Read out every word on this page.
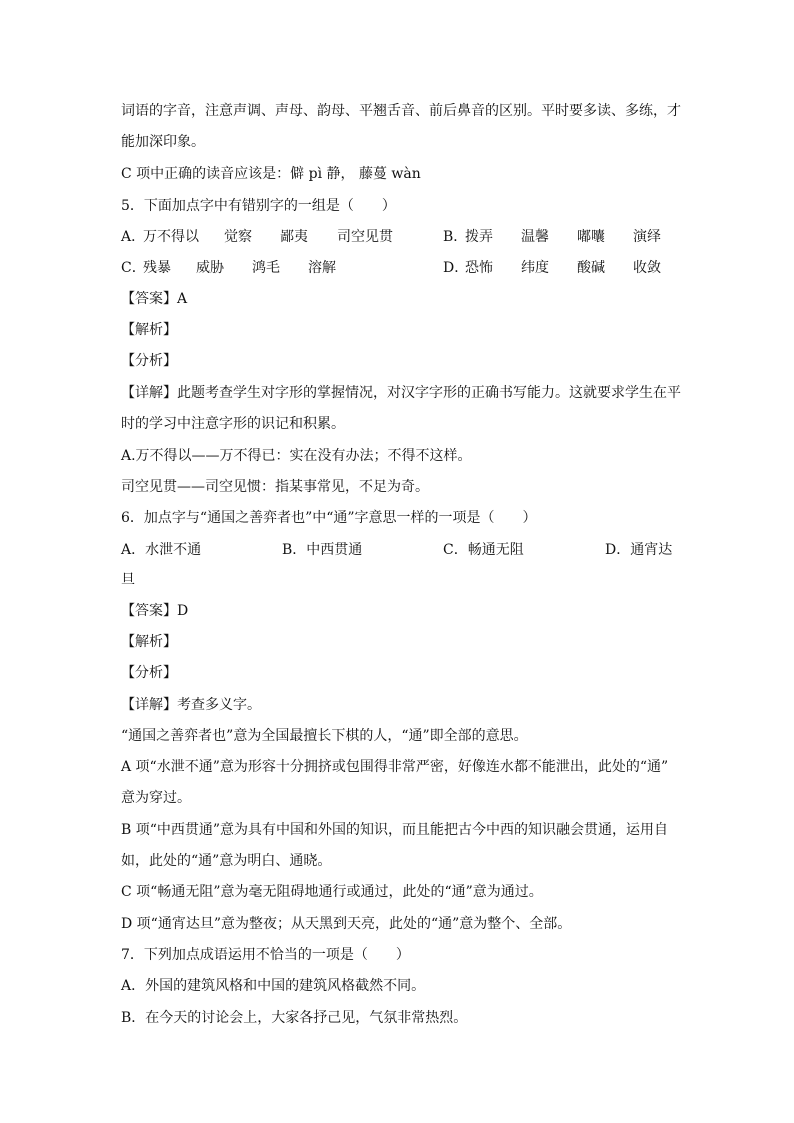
词语的字音，注意声调、声母、韵母、平翘舌音、前后鼻音的区别。平时要多读、多练，才
能加深印象。
C 项中正确的读音应该是：僻 pì 静， 藤蔓 wàn
5．下面加点字中有错别字的一组是（　　）
A．
万不得以 觉察 鄙夷 司空见贯	B．
拨弄 温馨 嘟囔 演绎
C．
残暴 威胁 鸿毛 溶解	D．
恐怖 纬度 酸碱 收敛
【答案】A
【解析】
【分析】
【详解】此题考查学生对字形的掌握情况，对汉字字形的正确书写能力。这就要求学生在平
时的学习中注意字形的识记和积累。
A.万不得以——万不得已：实在没有办法；不得不这样。
司空见贯——司空见惯：指某事常见，不足为奇。
6．加点字与“通国之善弈者也”中“通”字意思一样的一项是（　　）
A．水泄不通	B．中西贯通	C．畅通无阻	D．通宵达
旦
【答案】D
【解析】
【分析】
【详解】考查多义字。
“通国之善弈者也”意为全国最擅长下棋的人，“通”即全部的意思。
A 项“水泄不通”意为形容十分拥挤或包围得非常严密，好像连水都不能泄出，此处的“通”
意为穿过。
B 项“中西贯通”意为具有中国和外国的知识，而且能把古今中西的知识融会贯通，运用自
如，此处的“通”意为明白、通晓。
C 项“畅通无阻”意为毫无阻碍地通行或通过，此处的“通”意为通过。
D 项“通宵达旦”意为整夜；从天黑到天亮，此处的“通”意为整个、全部。
7．下列加点成语运用不恰当的一项是（　　）
A．外国的建筑风格和中国的建筑风格截然不同。
B．在今天的讨论会上，大家各抒己见，气氛非常热烈。
